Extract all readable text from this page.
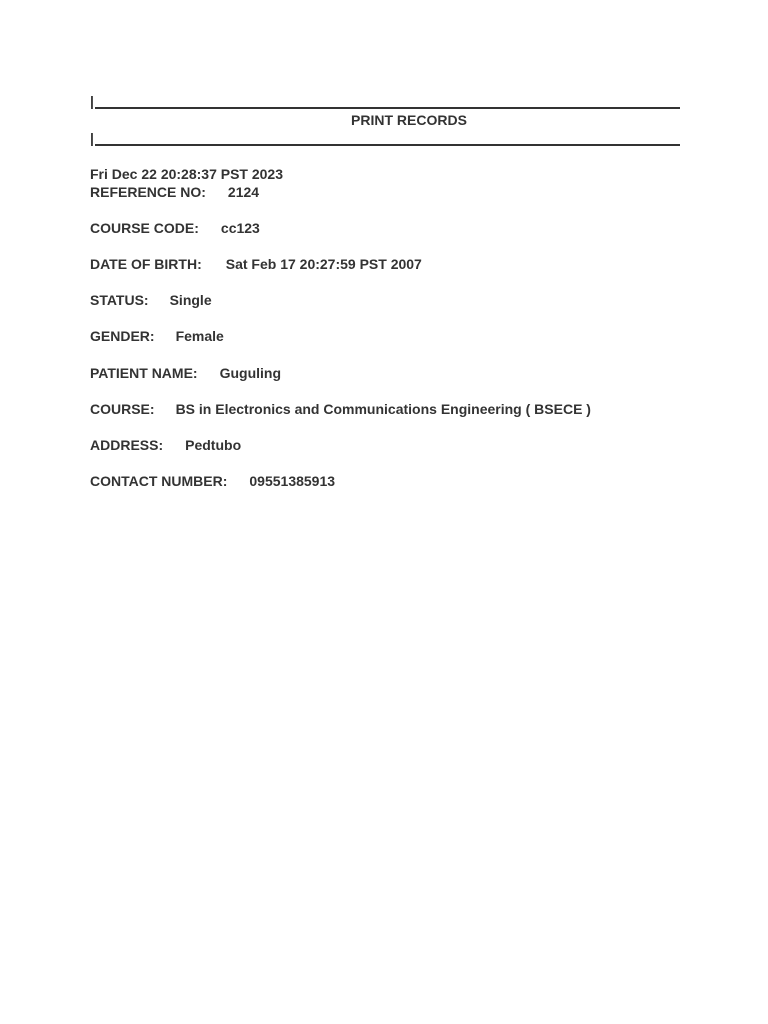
|
PRINT RECORDS
|
Fri Dec 22 20:28:37 PST 2023
REFERENCE NO: 2124
COURSE CODE: cc123
DATE OF BIRTH: Sat Feb 17 20:27:59 PST 2007
STATUS: Single
GENDER: Female
PATIENT NAME: Guguling
COURSE: BS in Electronics and Communications Engineering ( BSECE )
ADDRESS: Pedtubo
CONTACT NUMBER: 09551385913
